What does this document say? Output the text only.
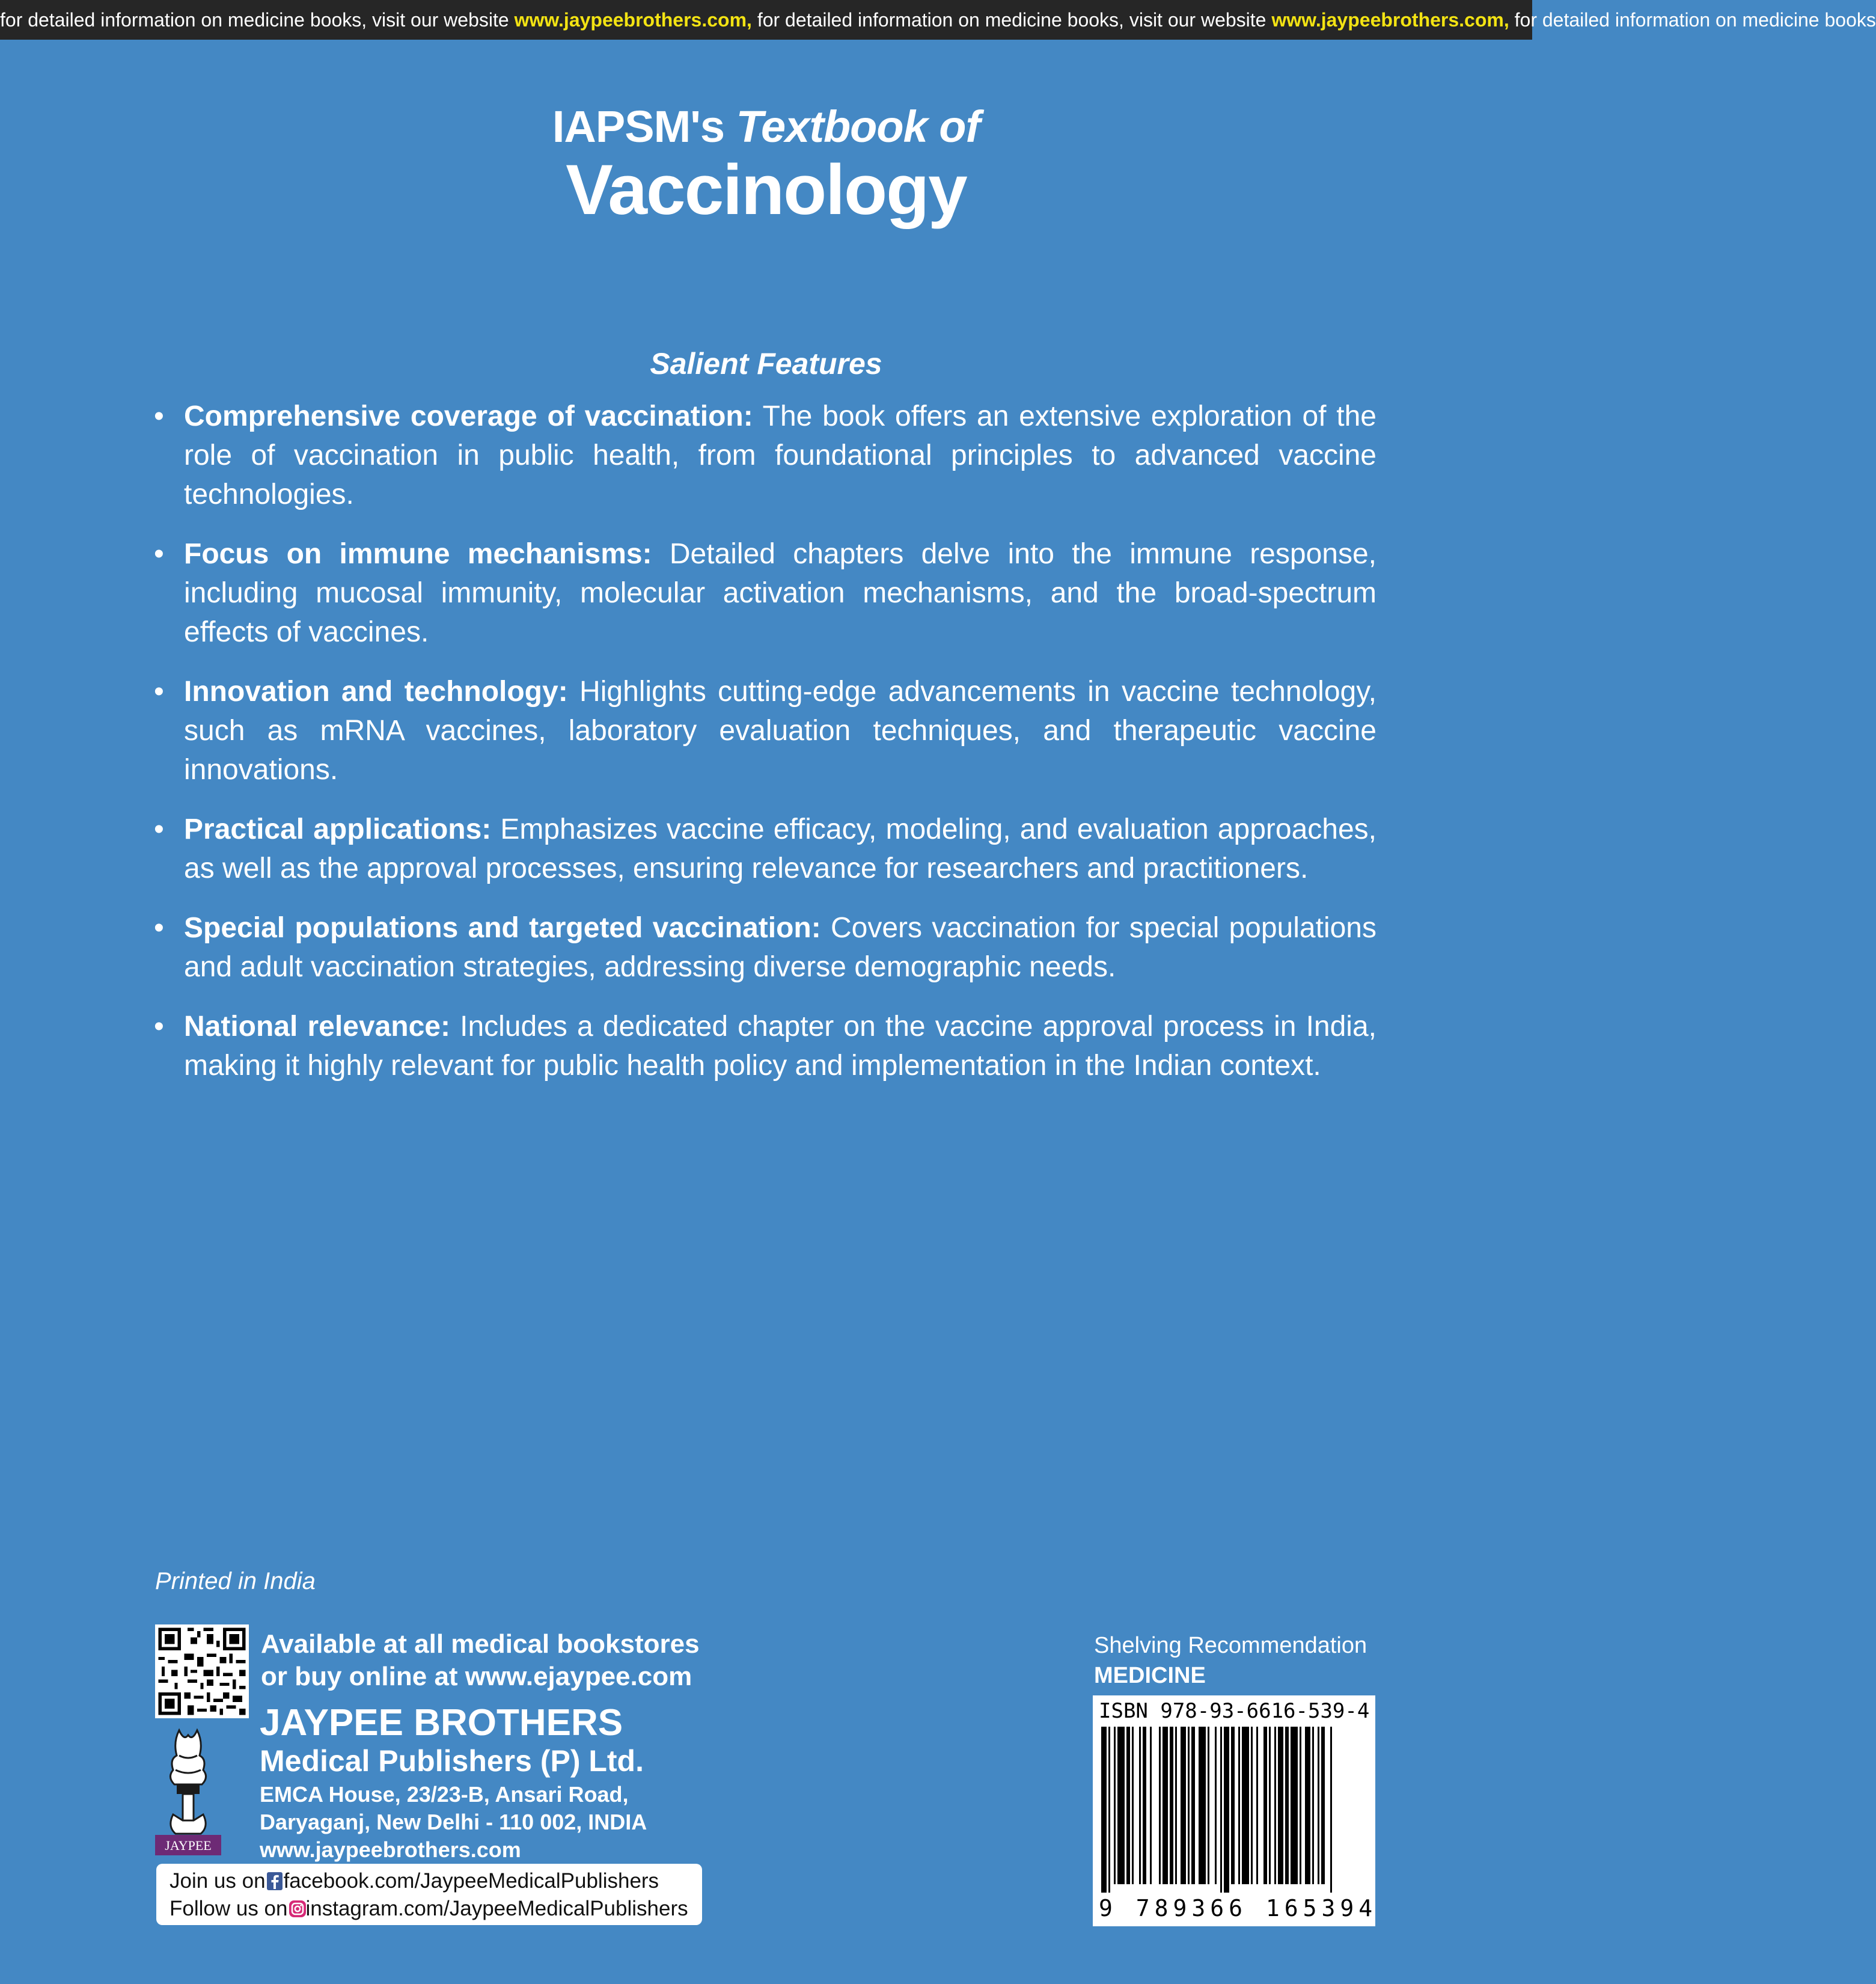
for detailed information on medicine books, visit our website www.jaypeebrothers.com, for detailed information on medicine books, visit our website www.jaypeebrothers.com, for detailed information on medicine books
IAPSM's Textbook of
Vaccinology
Salient Features
• Comprehensive coverage of vaccination: The book offers an extensive exploration of the role of vaccination in public health, from foundational principles to advanced vaccine technologies.
• Focus on immune mechanisms: Detailed chapters delve into the immune response, including mucosal immunity, molecular activation mechanisms, and the broad-spectrum effects of vaccines.
• Innovation and technology: Highlights cutting-edge advancements in vaccine technology, such as mRNA vaccines, laboratory evaluation techniques, and therapeutic vaccine innovations.
• Practical applications: Emphasizes vaccine efficacy, modeling, and evaluation approaches, as well as the approval processes, ensuring relevance for researchers and practitioners.
• Special populations and targeted vaccination: Covers vaccination for special populations and adult vaccination strategies, addressing diverse demographic needs.
• National relevance: Includes a dedicated chapter on the vaccine approval process in India, making it highly relevant for public health policy and implementation in the Indian context.
Printed in India
Available at all medical bookstores
or buy online at www.ejaypee.com
JAYPEE
JAYPEE BROTHERS
Medical Publishers (P) Ltd.
EMCA House, 23/23-B, Ansari Road,
Daryaganj, New Delhi - 110 002, INDIA
www.jaypeebrothers.com
Join us on facebook.com/JaypeeMedicalPublishers
Follow us on instagram.com/JaypeeMedicalPublishers
Shelving Recommendation
MEDICINE
ISBN 978-93-6616-539-4
9 789366 165394
